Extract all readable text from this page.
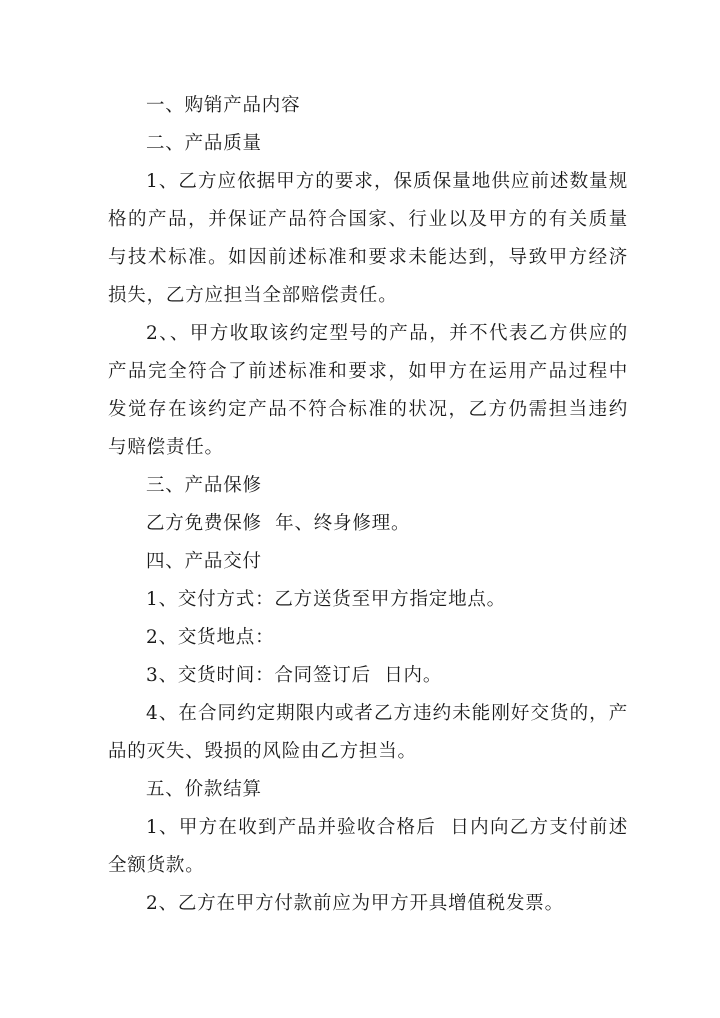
一、购销产品内容

二、产品质量

1、乙方应依据甲方的要求，保质保量地供应前述数量规格的产品，并保证产品符合国家、行业以及甲方的有关质量与技术标准。如因前述标准和要求未能达到，导致甲方经济损失，乙方应担当全部赔偿责任。

2、、甲方收取该约定型号的产品，并不代表乙方供应的产品完全符合了前述标准和要求，如甲方在运用产品过程中发觉存在该约定产品不符合标准的状况，乙方仍需担当违约与赔偿责任。

三、产品保修

乙方免费保修  年、终身修理。

四、产品交付

1、交付方式：乙方送货至甲方指定地点。

2、交货地点：

3、交货时间：合同签订后  日内。

4、在合同约定期限内或者乙方违约未能刚好交货的，产品的灭失、毁损的风险由乙方担当。

五、价款结算

1、甲方在收到产品并验收合格后  日内向乙方支付前述全额货款。

2、乙方在甲方付款前应为甲方开具增值税发票。
